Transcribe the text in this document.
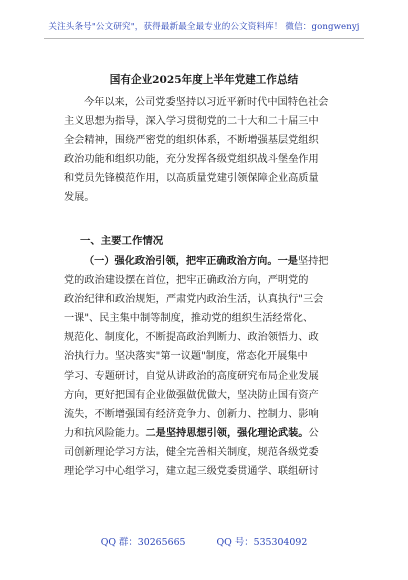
关注头条号"公文研究"，获得最新最全最专业的公文资料库！ 微信：gongwenyj
国有企业2025年度上半年党建工作总结
今年以来，公司党委坚持以习近平新时代中国特色社会
主义思想为指导，深入学习贯彻党的二十大和二十届三中
全会精神，围绕严密党的组织体系，不断增强基层党组织
政治功能和组织功能，充分发挥各级党组织战斗堡垒作用
和党员先锋模范作用，以高质量党建引领保障企业高质量
发展。
一、主要工作情况
（一）强化政治引领，把牢正确政治方向。一是坚持把
党的政治建设摆在首位，把牢正确政治方向，严明党的
政治纪律和政治规矩，严肃党内政治生活，认真执行"三会
一课"、民主集中制等制度，推动党的组织生活经常化、
规范化、制度化，不断提高政治判断力、政治领悟力、政
治执行力。坚决落实"第一议题"制度，常态化开展集中
学习、专题研讨，自觉从讲政治的高度研究布局企业发展
方向，更好把国有企业做强做优做大，坚决防止国有资产
流失，不断增强国有经济竞争力、创新力、控制力、影响
力和抗风险能力。二是坚持思想引领，强化理论武装。公
司创新理论学习方法，健全完善相关制度，规范各级党委
理论学习中心组学习，建立起三级党委贯通学、联组研讨
QQ 群：30265665	QQ 号：535304092
